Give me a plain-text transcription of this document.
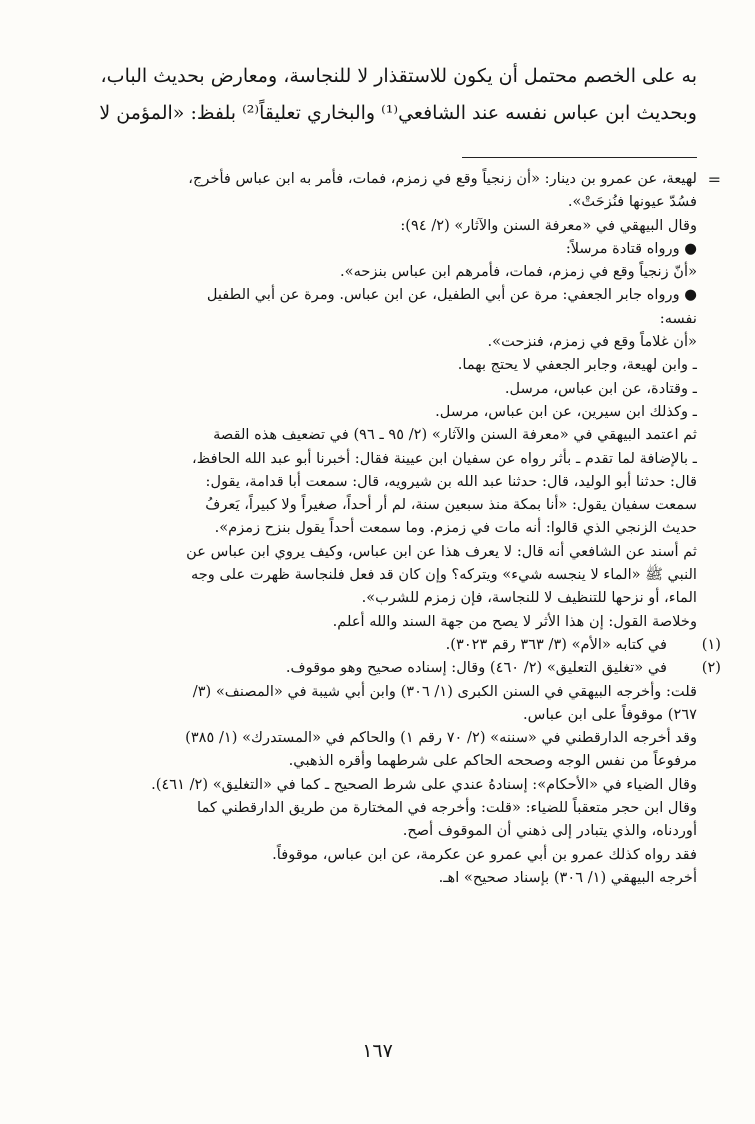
به على الخصم محتمل أن يكون للاستقذار لا للنجاسة، ومعارض بحديث الباب،
وبحديث ابن عباس نفسه عند الشافعي⁽¹⁾ والبخاري تعليقاً⁽²⁾ بلفظ: «المؤمن لا
=
لهيعة، عن عمرو بن دينار: «أن زنجياً وقع في زمزم، فمات، فأمر به ابن عباس فأخرج،
فسُدّ عيونها فنُزحَتْ».
وقال البيهقي في «معرفة السنن والآثار» (٢/ ٩٤):
● ورواه قتادة مرسلاً:
«أنّ زنجياً وقع في زمزم، فمات، فأمرهم ابن عباس بنزحه».
● ورواه جابر الجعفي: مرة عن أبي الطفيل، عن ابن عباس. ومرة عن أبي الطفيل
نفسه:
«أن غلاماً وقع في زمزم، فنزحت».
ـ وابن لهيعة، وجابر الجعفي لا يحتج بهما.
ـ وقتادة، عن ابن عباس، مرسل.
ـ وكذلك ابن سيرين، عن ابن عباس، مرسل.
ثم اعتمد البيهقي في «معرفة السنن والآثار» (٢/ ٩٥ ـ ٩٦) في تضعيف هذه القصة
ـ بالإضافة لما تقدم ـ بأثر رواه عن سفيان ابن عيينة فقال: أخبرنا أبو عبد الله الحافظ،
قال: حدثنا أبو الوليد، قال: حدثنا عبد الله بن شيرويه، قال: سمعت أبا قدامة، يقول:
سمعت سفيان يقول: «أنا بمكة منذ سبعين سنة، لم أر أحداً، صغيراً ولا كبيراً، يَعرفُ
حديث الزنجي الذي قالوا: أنه مات في زمزم. وما سمعت أحداً يقول بنزح زمزم».
ثم أسند عن الشافعي أنه قال: لا يعرف هذا عن ابن عباس، وكيف يروي ابن عباس عن
النبي ﷺ «الماء لا ينجسه شيء» ويتركه؟ وإن كان قد فعل فلنجاسة ظهرت على وجه
الماء، أو نزحها للتنظيف لا للنجاسة، فإن زمزم للشرب».
وخلاصة القول: إن هذا الأثر لا يصح من جهة السند والله أعلم.
(١)
في كتابه «الأم» (٣/ ٣٦٣ رقم ٣٠٢٣).
(٢)
في «تغليق التعليق» (٢/ ٤٦٠) وقال: إسناده صحيح وهو موقوف.
قلت: وأخرجه البيهقي في السنن الكبرى (١/ ٣٠٦) وابن أبي شيبة في «المصنف» (٣/
٢٦٧) موقوفاً على ابن عباس.
وقد أخرجه الدارقطني في «سننه» (٢/ ٧٠ رقم ١) والحاكم في «المستدرك» (١/ ٣٨٥)
مرفوعاً من نفس الوجه وصححه الحاكم على شرطهما وأقره الذهبي.
وقال الضياء في «الأحكام»: إسنادهُ عندي على شرط الصحيح ـ كما في «التغليق» (٢/ ٤٦١).
وقال ابن حجر متعقباً للضياء: «قلت: وأخرجه في المختارة من طريق الدارقطني كما
أوردناه، والذي يتبادر إلى ذهني أن الموقوف أصح.
فقد رواه كذلك عمرو بن أبي عمرو عن عكرمة، عن ابن عباس، موقوفاً.
أخرجه البيهقي (١/ ٣٠٦) بإسناد صحيح» اهـ.
١٦٧
